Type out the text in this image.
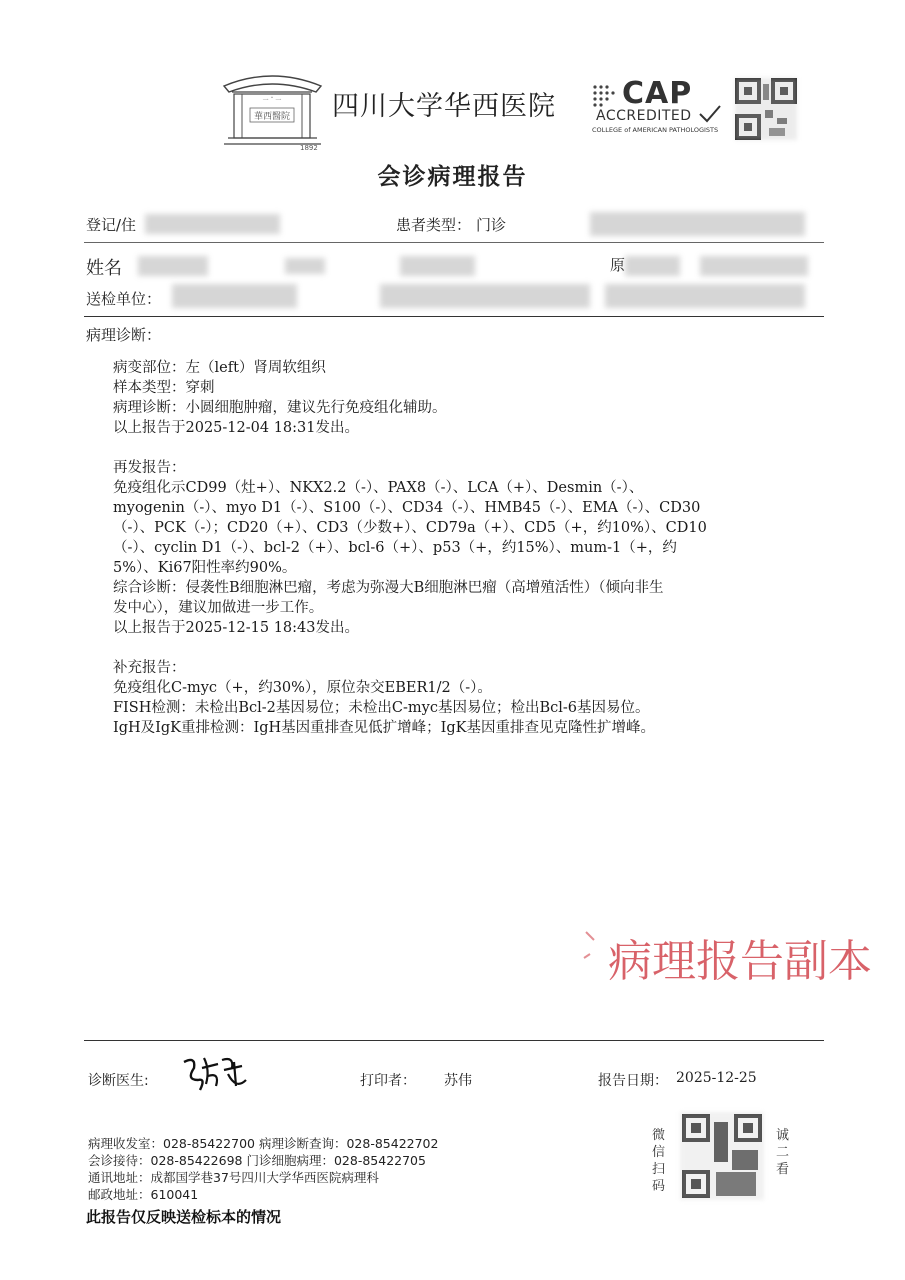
華西醫院
一 ˇ 一
1892
四川大学华西医院 CAP
ACCREDITED
COLLEGE of AMERICAN PATHOLOGISTS
会诊病理报告
登记/住	患者类型： 门诊
姓名	原
送检单位：
病理诊断：
病变部位：左（left）肾周软组织
样本类型：穿刺
病理诊断：小圆细胞肿瘤，建议先行免疫组化辅助。
以上报告于2025-12-04 18:31发出。
再发报告：
免疫组化示CD99（灶+）、NKX2.2（-）、PAX8（-）、LCA（+）、Desmin（-）、
myogenin（-）、myo D1（-）、S100（-）、CD34（-）、HMB45（-）、EMA（-）、CD30
（-）、PCK（-）；CD20（+）、CD3（少数+）、CD79a（+）、CD5（+，约10%）、CD10
（-）、cyclin D1（-）、bcl-2（+）、bcl-6（+）、p53（+，约15%）、mum-1（+，约
5%）、Ki67阳性率约90%。
综合诊断：侵袭性B细胞淋巴瘤，考虑为弥漫大B细胞淋巴瘤（高增殖活性）（倾向非生
发中心），建议加做进一步工作。
以上报告于2025-12-15 18:43发出。
补充报告：
免疫组化C-myc（+，约30%），原位杂交EBER1/2（-）。
FISH检测：未检出Bcl-2基因易位；未检出C-myc基因易位；检出Bcl-6基因易位。
IgH及IgK重排检测：IgH基因重排查见低扩增峰；IgK基因重排查见克隆性扩增峰。
病理报告副本
诊断医生:	打印者： 苏伟	报告日期： 2025-12-25
病理收发室：028-85422700 病理诊断查询：028-85422702
会诊接待：028-85422698 门诊细胞病理：028-85422705
通讯地址：成都国学巷37号四川大学华西医院病理科
邮政地址：610041
微
信
扫
码
诚
二
看
此报告仅反映送检标本的情况
